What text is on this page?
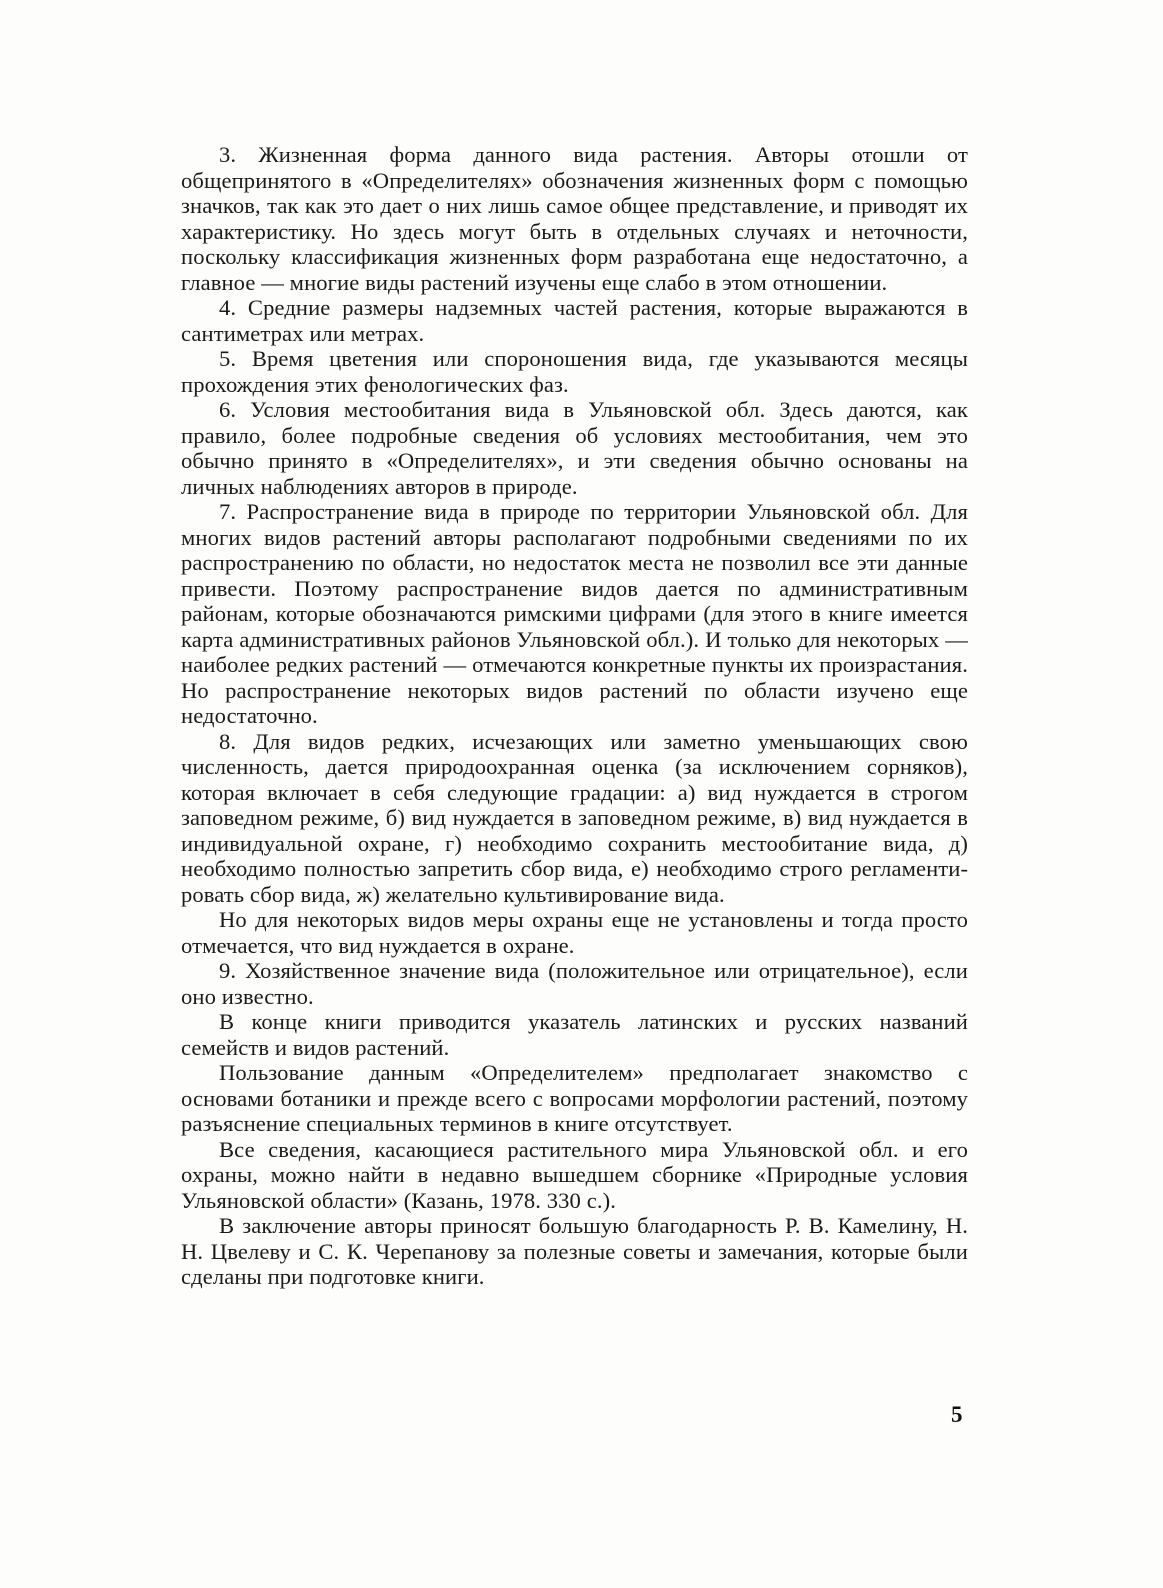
3. Жизненная форма данного вида растения. Авторы отошли от общепринятого в «Определителях» обозначения жизненных форм с помощью значков, так как это дает о них лишь самое общее представление, и приводят их характеристику. Но здесь могут быть в отдельных случаях и неточности, поскольку классификация жизненных форм разработана еще недостаточно, а главное — многие виды растений изучены еще слабо в этом отношении.

4. Средние размеры надземных частей растения, которые выражаются в сантиметрах или метрах.

5. Время цветения или спороношения вида, где указываются месяцы прохождения этих фенологических фаз.

6. Условия местообитания вида в Ульяновской обл. Здесь даются, как правило, более подробные сведения об условиях местообитания, чем это обычно принято в «Определителях», и эти сведения обычно основаны на личных наблюдениях авторов в природе.

7. Распространение вида в природе по территории Ульяновской обл. Для многих видов растений авторы располагают подробными сведениями по их распространению по области, но недостаток места не позволил все эти данные привести. Поэтому распространение видов дается по административным районам, которые обозначаются римскими цифрами (для этого в книге имеется карта административных районов Ульяновской обл.). И только для некоторых — наиболее редких растений — отмечаются конкретные пункты их произрастания. Но распространение некоторых видов растений по области изучено еще недостаточно.

8. Для видов редких, исчезающих или заметно уменьшающих свою численность, дается природоохранная оценка (за исключением сорняков), которая включает в себя следующие градации: а) вид нуждается в строгом заповедном режиме, б) вид нуждается в заповедном режиме, в) вид нуждается в индивидуальной охране, г) необходимо сохранить местообитание вида, д) необходимо полностью запретить сбор вида, е) необходимо строго регламентировать сбор вида, ж) желательно культивирование вида.

Но для некоторых видов меры охраны еще не установлены и тогда просто отмечается, что вид нуждается в охране.

9. Хозяйственное значение вида (положительное или отрицательное), если оно известно.

В конце книги приводится указатель латинских и русских названий семейств и видов растений.

Пользование данным «Определителем» предполагает знакомство с основами ботаники и прежде всего с вопросами морфологии растений, поэтому разъяснение специальных терминов в книге отсутствует.

Все сведения, касающиеся растительного мира Ульяновской обл. и его охраны, можно найти в недавно вышедшем сборнике «Природные условия Ульяновской области» (Казань, 1978. 330 с.).

В заключение авторы приносят большую благодарность Р. В. Камелину, Н. Н. Цвелеву и С. К. Черепанову за полезные советы и замечания, которые были сделаны при подготовке книги.

5
